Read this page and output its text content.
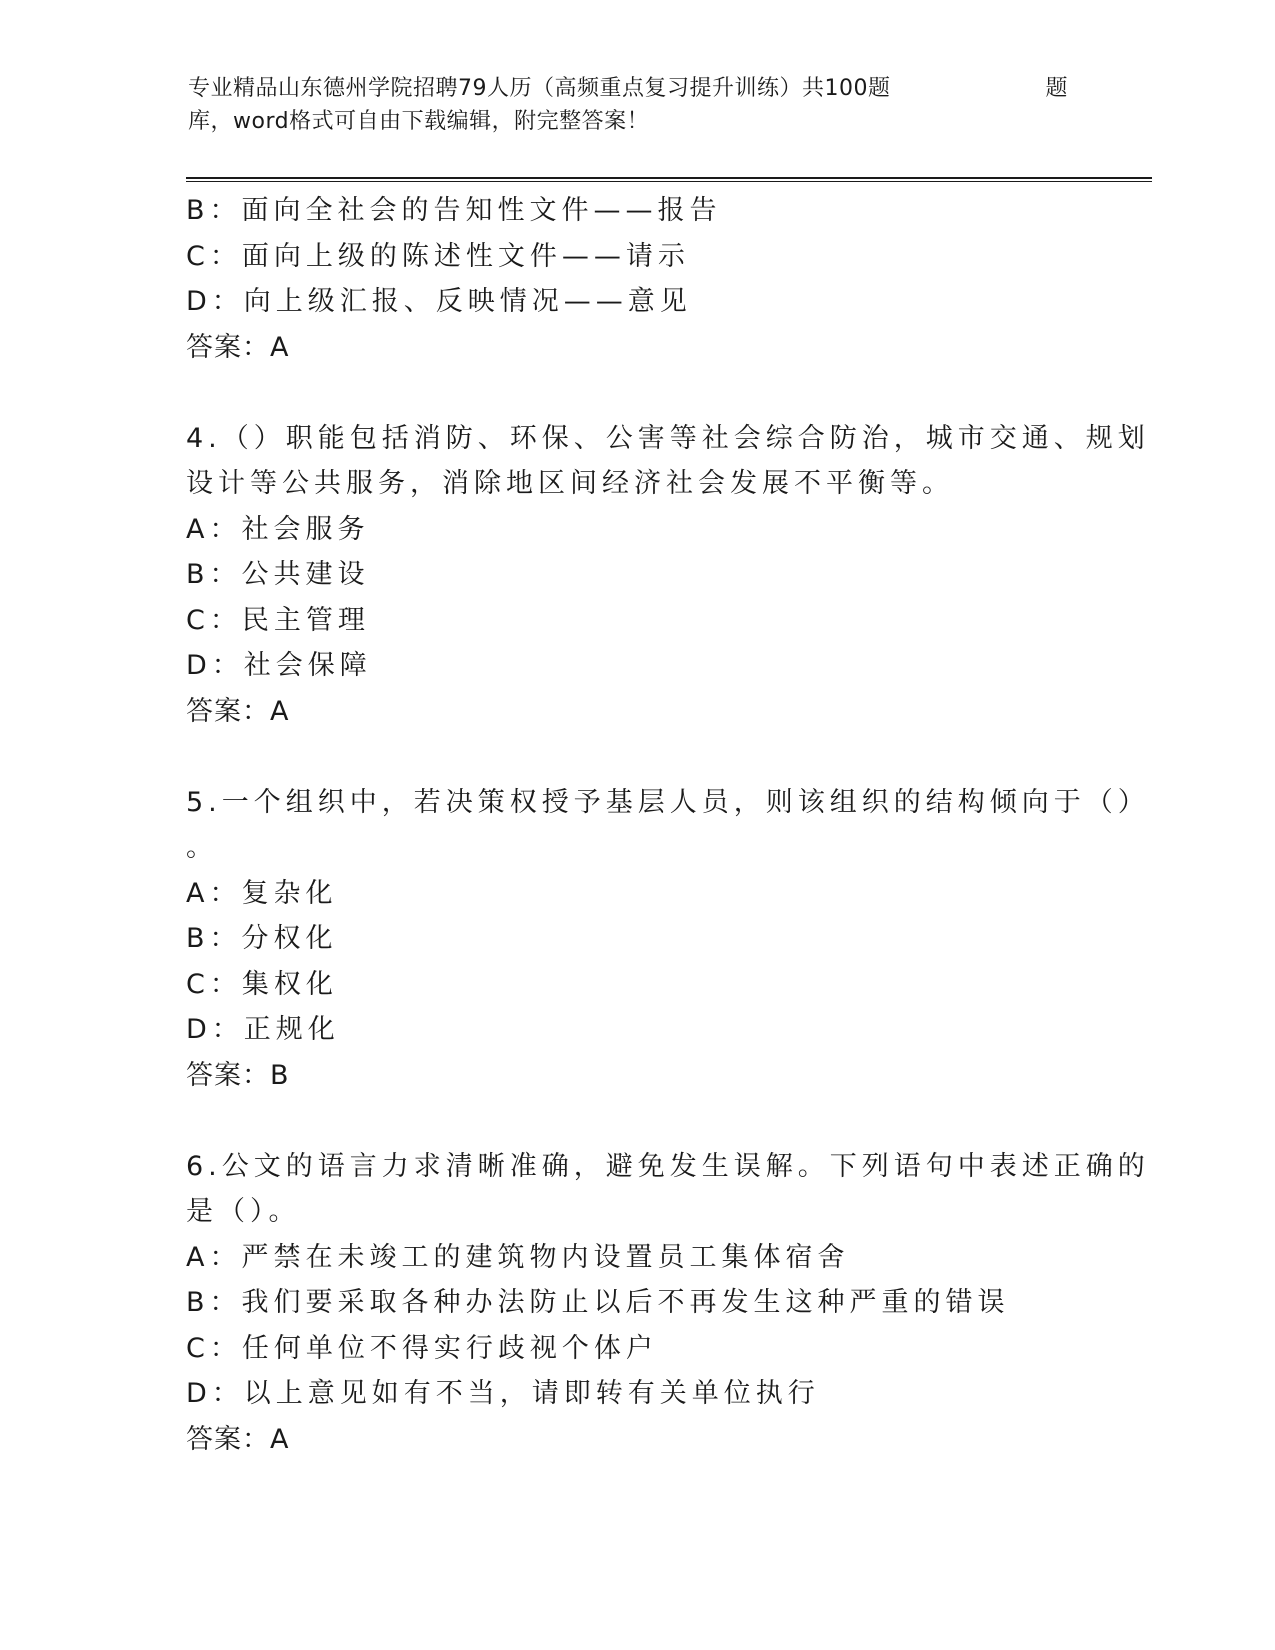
专业精品山东德州学院招聘79人历（高频重点复习提升训练）共100题	题
库，word格式可自由下载编辑，附完整答案！
B：面向全社会的告知性文件——报告
C：面向上级的陈述性文件——请示
D：向上级汇报、反映情况——意见
答案：A
4.（）职能包括消防、环保、公害等社会综合防治，城市交通、规划
设计等公共服务，消除地区间经济社会发展不平衡等。
A：社会服务
B：公共建设
C：民主管理
D：社会保障
答案：A
5.一个组织中，若决策权授予基层人员，则该组织的结构倾向于（）
。
A：复杂化
B：分权化
C：集权化
D：正规化
答案：B
6.公文的语言力求清晰准确，避免发生误解。下列语句中表述正确的
是（）。
A：严禁在未竣工的建筑物内设置员工集体宿舍
B：我们要采取各种办法防止以后不再发生这种严重的错误
C：任何单位不得实行歧视个体户
D：以上意见如有不当，请即转有关单位执行
答案：A
